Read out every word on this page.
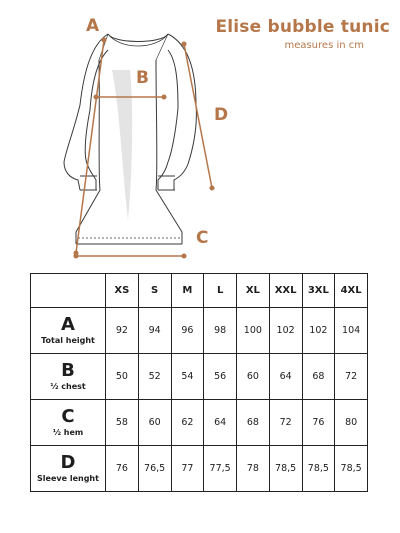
Elise bubble tunic
measures in cm
A
B
D
C
	XS	S	M	L	XL	XXL	3XL	4XL

A
Total height	92	94	96	98	100	102	102	104

B
½ chest	50	52	54	56	60	64	68	72

C
½ hem	58	60	62	64	68	72	76	80

D
Sleeve lenght	76	76,5	77	77,5	78	78,5	78,5	78,5
